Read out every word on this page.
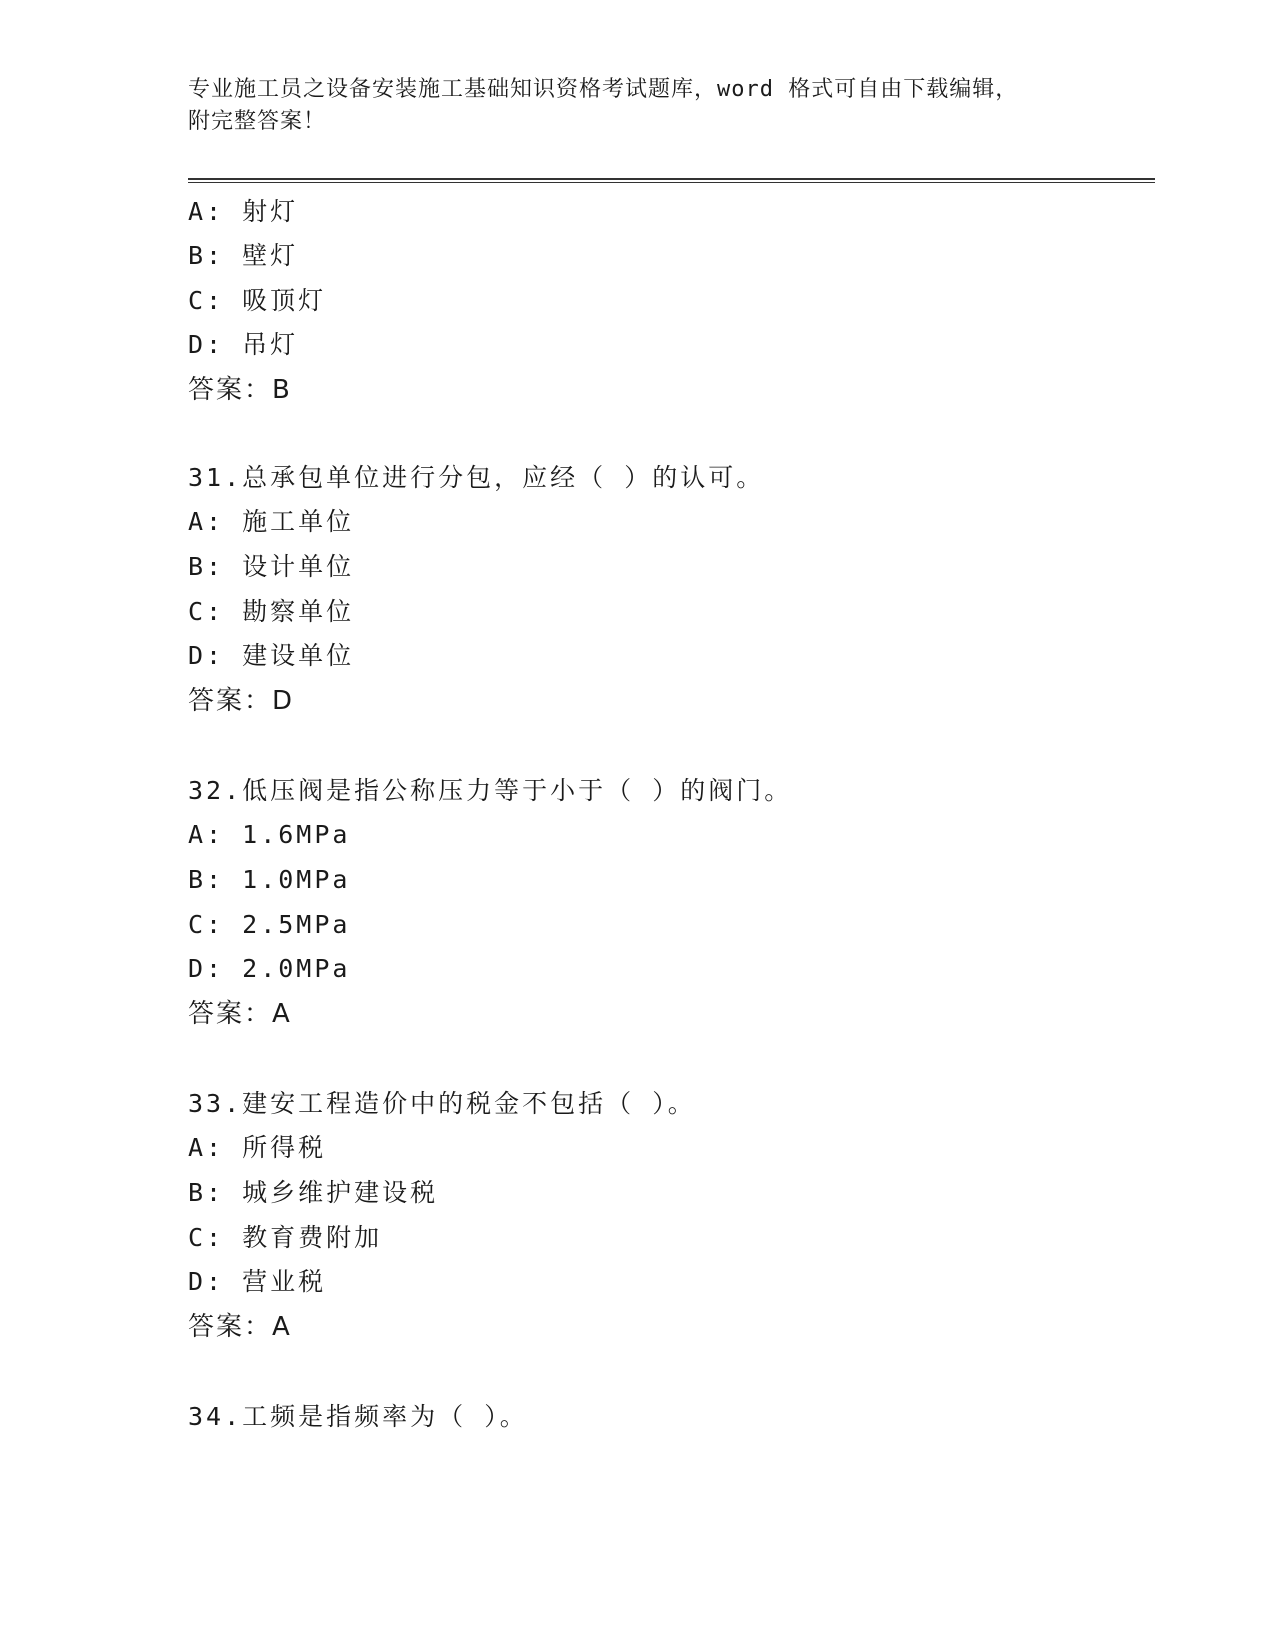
专业施工员之设备安装施工基础知识资格考试题库，word 格式可自由下载编辑，
附完整答案！
A: 射灯
B: 壁灯
C: 吸顶灯
D: 吊灯
答案：B
31.总承包单位进行分包，应经（ ）的认可。
A: 施工单位
B: 设计单位
C: 勘察单位
D: 建设单位
答案：D
32.低压阀是指公称压力等于小于（ ）的阀门。
A: 1.6MPa
B: 1.0MPa
C: 2.5MPa
D: 2.0MPa
答案：A
33.建安工程造价中的税金不包括（ ）。
A: 所得税
B: 城乡维护建设税
C: 教育费附加
D: 营业税
答案：A
34.工频是指频率为（ ）。
